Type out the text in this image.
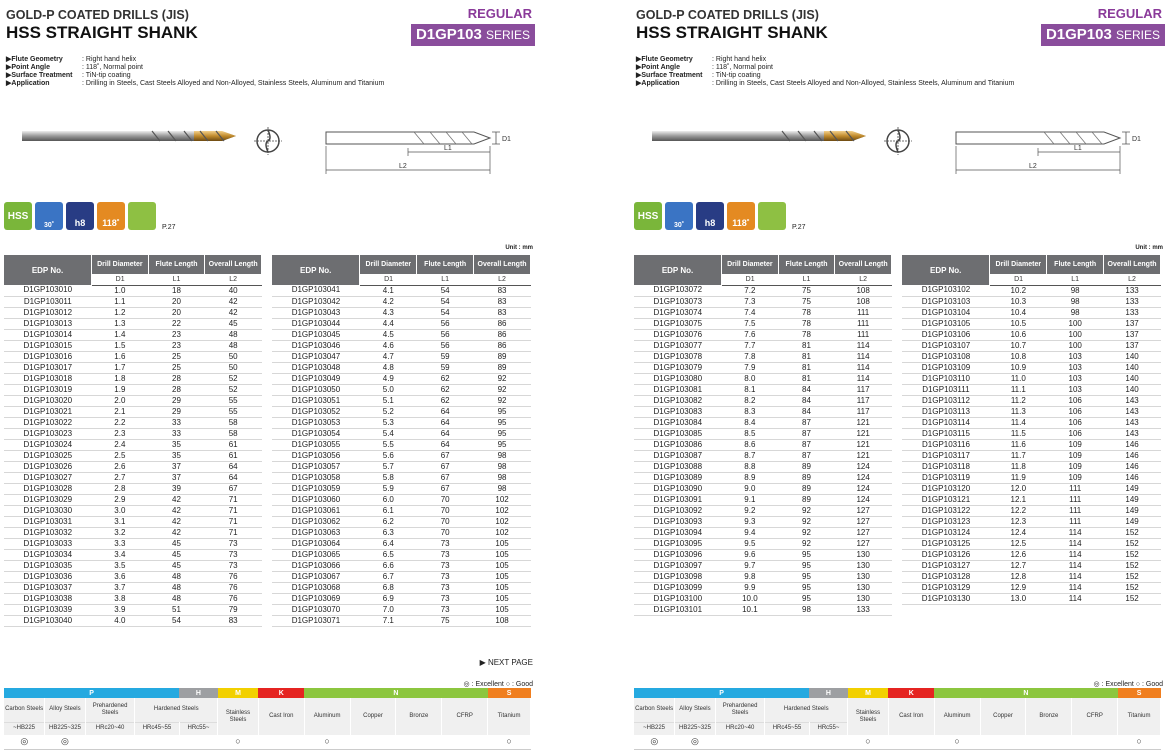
GOLD-P COATED DRILLS (JIS)
HSS STRAIGHT SHANK
REGULAR
D1GP103 SERIES
▶Flute Geometry	: Right hand helix
▶Point Angle	: 118˚, Normal point
▶Surface Treatment	: TiN-tip coating
▶Application	: Drilling in Steels, Cast Steels Alloyed and Non-Alloyed, Stainless Steels, Aluminum and Titanium
D1
L1
L2
HSS
30˚ h8 118˚	P.27
Unit : mm
EDP No.	Drill Diameter	Flute Length	Overall Length
	D1	L1	L2
D1GP103010	1.0	18	40
D1GP103011	1.1	20	42
D1GP103012	1.2	20	42
D1GP103013	1.3	22	45
D1GP103014	1.4	23	48
D1GP103015	1.5	23	48
D1GP103016	1.6	25	50
D1GP103017	1.7	25	50
D1GP103018	1.8	28	52
D1GP103019	1.9	28	52
D1GP103020	2.0	29	55
D1GP103021	2.1	29	55
D1GP103022	2.2	33	58
D1GP103023	2.3	33	58
D1GP103024	2.4	35	61
D1GP103025	2.5	35	61
D1GP103026	2.6	37	64
D1GP103027	2.7	37	64
D1GP103028	2.8	39	67
D1GP103029	2.9	42	71
D1GP103030	3.0	42	71
D1GP103031	3.1	42	71
D1GP103032	3.2	42	71
D1GP103033	3.3	45	73
D1GP103034	3.4	45	73
D1GP103035	3.5	45	73
D1GP103036	3.6	48	76
D1GP103037	3.7	48	76
D1GP103038	3.8	48	76
D1GP103039	3.9	51	79
D1GP103040	4.0	54	83
EDP No.	Drill Diameter	Flute Length	Overall Length
	D1	L1	L2
D1GP103041	4.1	54	83
D1GP103042	4.2	54	83
D1GP103043	4.3	54	83
D1GP103044	4.4	56	86
D1GP103045	4.5	56	86
D1GP103046	4.6	56	86
D1GP103047	4.7	59	89
D1GP103048	4.8	59	89
D1GP103049	4.9	62	92
D1GP103050	5.0	62	92
D1GP103051	5.1	62	92
D1GP103052	5.2	64	95
D1GP103053	5.3	64	95
D1GP103054	5.4	64	95
D1GP103055	5.5	64	95
D1GP103056	5.6	67	98
D1GP103057	5.7	67	98
D1GP103058	5.8	67	98
D1GP103059	5.9	67	98
D1GP103060	6.0	70	102
D1GP103061	6.1	70	102
D1GP103062	6.2	70	102
D1GP103063	6.3	70	102
D1GP103064	6.4	73	105
D1GP103065	6.5	73	105
D1GP103066	6.6	73	105
D1GP103067	6.7	73	105
D1GP103068	6.8	73	105
D1GP103069	6.9	73	105
D1GP103070	7.0	73	105
D1GP103071	7.1	75	108
◎ : Excellent ○ : Good
P				H	M	K	N				S
Carbon Steels	Alloy Steels	Prehardened Steels	Hardened Steels		Stainless Steels	Cast Iron	Aluminum	Copper	Bronze	CFRP	Titanium
~HB225	HB225~325	HRc20~40	HRc45~55	HRc55~							
◎	◎				○		○				○
▶ NEXT PAGE
GOLD-P COATED DRILLS (JIS)
HSS STRAIGHT SHANK
REGULAR
D1GP103 SERIES
▶Flute Geometry	: Right hand helix
▶Point Angle	: 118˚, Normal point
▶Surface Treatment	: TiN-tip coating
▶Application	: Drilling in Steels, Cast Steels Alloyed and Non-Alloyed, Stainless Steels, Aluminum and Titanium
D1
L1
L2
HSS
30˚ h8 118˚	P.27
Unit : mm
EDP No.	Drill Diameter	Flute Length	Overall Length
	D1	L1	L2
D1GP103072	7.2	75	108
D1GP103073	7.3	75	108
D1GP103074	7.4	78	111
D1GP103075	7.5	78	111
D1GP103076	7.6	78	111
D1GP103077	7.7	81	114
D1GP103078	7.8	81	114
D1GP103079	7.9	81	114
D1GP103080	8.0	81	114
D1GP103081	8.1	84	117
D1GP103082	8.2	84	117
D1GP103083	8.3	84	117
D1GP103084	8.4	87	121
D1GP103085	8.5	87	121
D1GP103086	8.6	87	121
D1GP103087	8.7	87	121
D1GP103088	8.8	89	124
D1GP103089	8.9	89	124
D1GP103090	9.0	89	124
D1GP103091	9.1	89	124
D1GP103092	9.2	92	127
D1GP103093	9.3	92	127
D1GP103094	9.4	92	127
D1GP103095	9.5	92	127
D1GP103096	9.6	95	130
D1GP103097	9.7	95	130
D1GP103098	9.8	95	130
D1GP103099	9.9	95	130
D1GP103100	10.0	95	130
D1GP103101	10.1	98	133
EDP No.	Drill Diameter	Flute Length	Overall Length
	D1	L1	L2
D1GP103102	10.2	98	133
D1GP103103	10.3	98	133
D1GP103104	10.4	98	133
D1GP103105	10.5	100	137
D1GP103106	10.6	100	137
D1GP103107	10.7	100	137
D1GP103108	10.8	103	140
D1GP103109	10.9	103	140
D1GP103110	11.0	103	140
D1GP103111	11.1	103	140
D1GP103112	11.2	106	143
D1GP103113	11.3	106	143
D1GP103114	11.4	106	143
D1GP103115	11.5	106	143
D1GP103116	11.6	109	146
D1GP103117	11.7	109	146
D1GP103118	11.8	109	146
D1GP103119	11.9	109	146
D1GP103120	12.0	111	149
D1GP103121	12.1	111	149
D1GP103122	12.2	111	149
D1GP103123	12.3	111	149
D1GP103124	12.4	114	152
D1GP103125	12.5	114	152
D1GP103126	12.6	114	152
D1GP103127	12.7	114	152
D1GP103128	12.8	114	152
D1GP103129	12.9	114	152
D1GP103130	13.0	114	152
◎ : Excellent ○ : Good
P				H	M	K	N				S
Carbon Steels	Alloy Steels	Prehardened Steels	Hardened Steels		Stainless Steels	Cast Iron	Aluminum	Copper	Bronze	CFRP	Titanium
~HB225	HB225~325	HRc20~40	HRc45~55	HRc55~							
◎	◎				○		○				○
